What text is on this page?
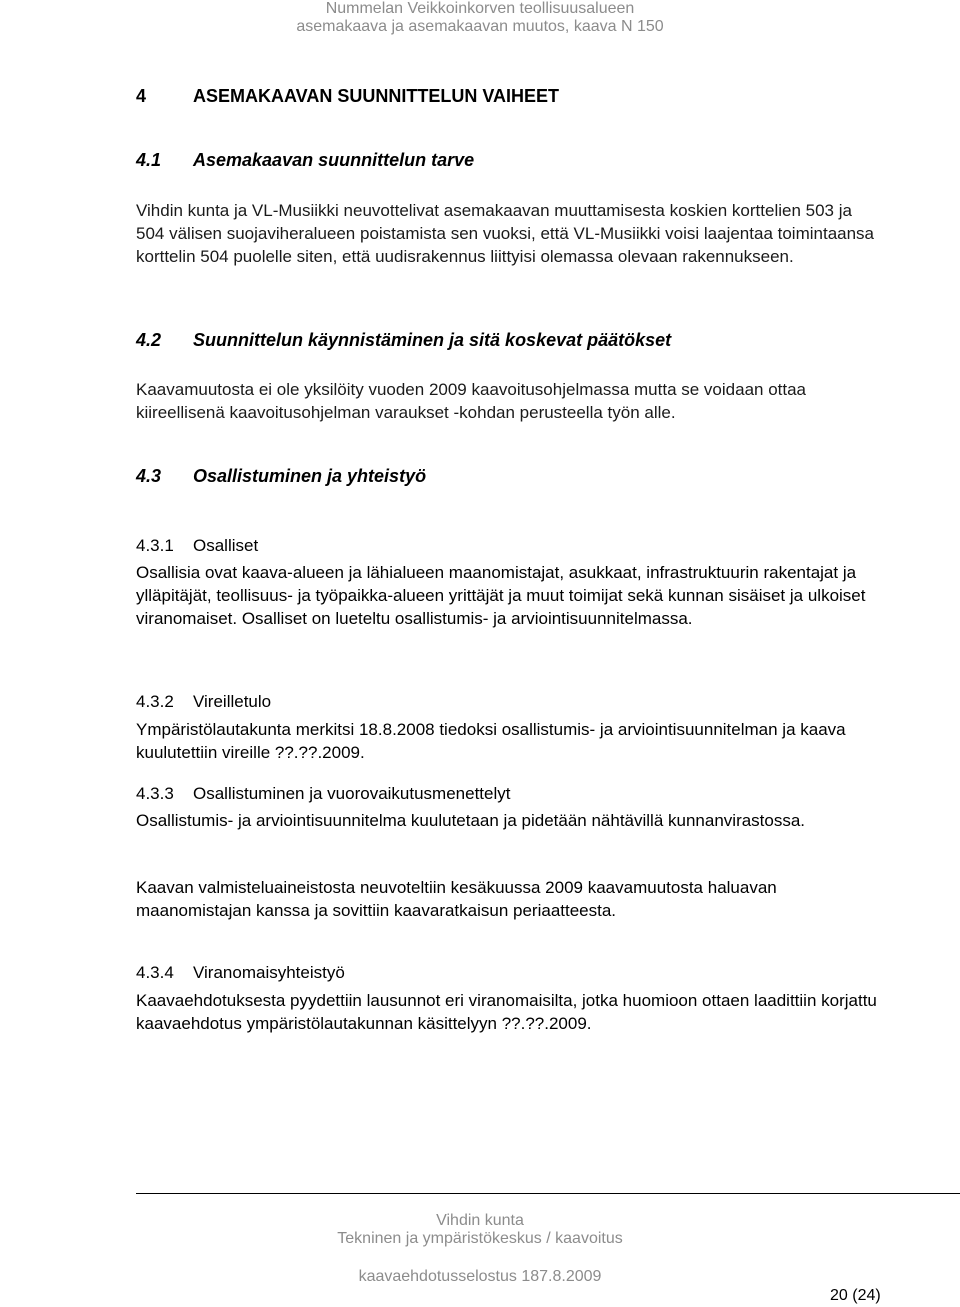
Nummelan Veikkoinkorven teollisuusalueen
asemakaava ja asemakaavan muutos, kaava N 150
4	ASEMAKAAVAN SUUNNITTELUN VAIHEET
4.1 Asemakaavan suunnittelun tarve
Vihdin kunta ja VL-Musiikki neuvottelivat asemakaavan muuttamisesta koskien korttelien 503 ja 504 välisen suojaviheralueen poistamista sen vuoksi, että VL-Musiikki voisi laajentaa toimintaansa korttelin 504 puolelle siten, että uudisrakennus liittyisi olemassa olevaan rakennukseen.
4.2 Suunnittelun käynnistäminen ja sitä koskevat päätökset
Kaavamuutosta ei ole yksilöity vuoden 2009 kaavoitusohjelmassa mutta se voidaan ottaa kiireellisenä kaavoitusohjelman varaukset -kohdan perusteella työn alle.
4.3 Osallistuminen ja yhteistyö
4.3.1 Osalliset
Osallisia ovat kaava-alueen ja lähialueen maanomistajat, asukkaat, infrastruktuurin rakentajat ja ylläpitäjät, teollisuus- ja työpaikka-alueen yrittäjät ja muut toimijat sekä kunnan sisäiset ja ulkoiset viranomaiset. Osalliset on lueteltu osallistumis- ja arviointisuunnitelmassa.
4.3.2 Vireilletulo
Ympäristölautakunta merkitsi 18.8.2008 tiedoksi osallistumis- ja arviointisuunnitelman ja kaava kuulutettiin vireille ??.??.2009.
4.3.3 Osallistuminen ja vuorovaikutusmenettelyt
Osallistumis- ja arviointisuunnitelma kuulutetaan ja pidetään nähtävillä kunnanvirastossa.
Kaavan valmisteluaineistosta neuvoteltiin kesäkuussa 2009 kaavamuutosta haluavan maanomistajan kanssa ja sovittiin kaavaratkaisun periaatteesta.
4.3.4 Viranomaisyhteistyö
Kaavaehdotuksesta pyydettiin lausunnot eri viranomaisilta, jotka huomioon ottaen laadittiin korjattu kaavaehdotus ympäristölautakunnan käsittelyyn ??.??.2009.
Vihdin kunta
Tekninen ja ympäristökeskus / kaavoitus
kaavaehdotusselostus 187.8.2009
20 (24)
